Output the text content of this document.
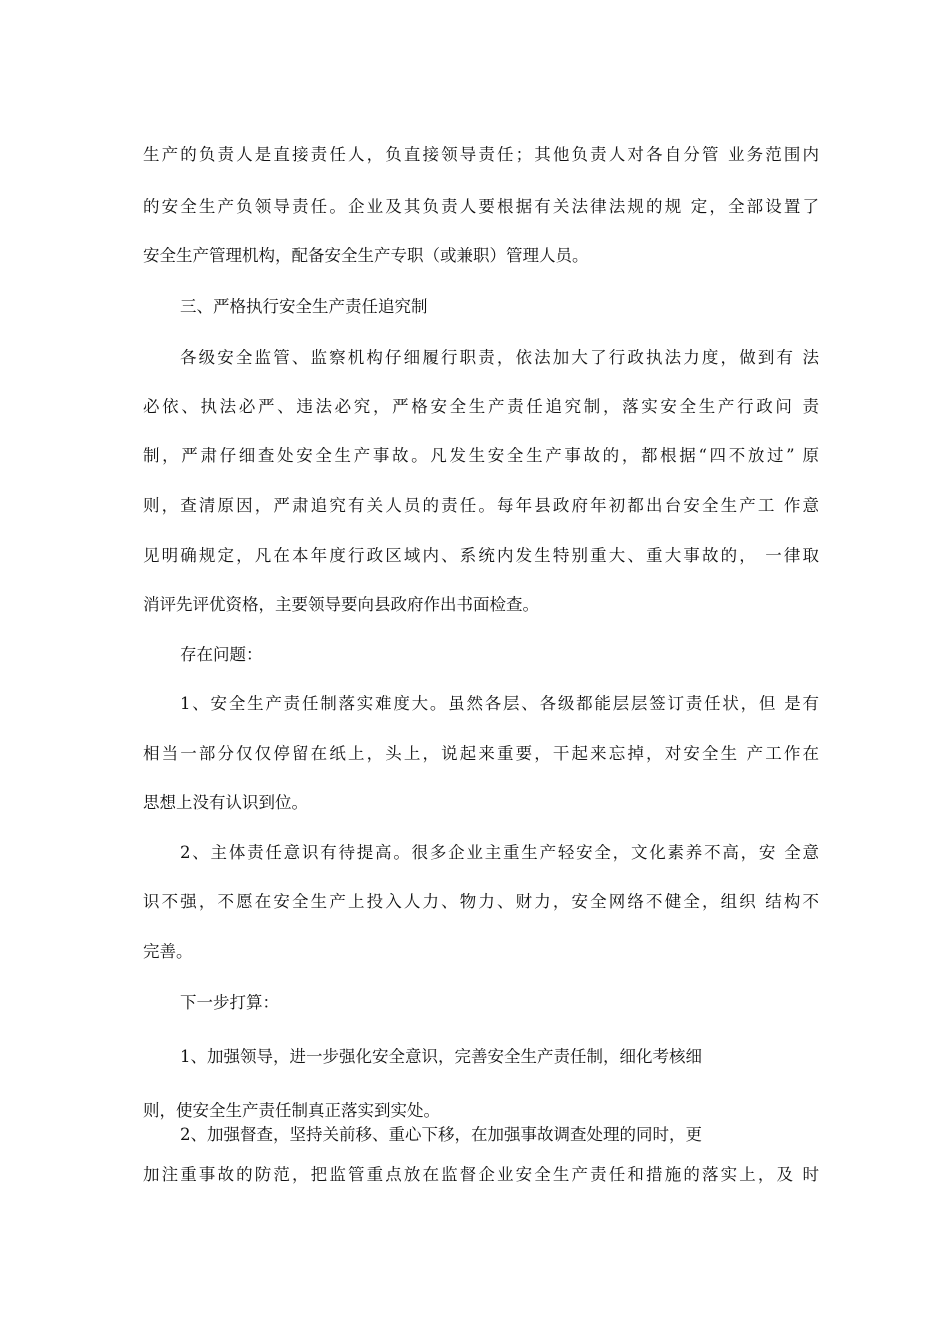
生产的负责人是直接责任人，负直接领导责任；其他负责人对各自分管 业务范围内
的安全生产负领导责任。企业及其负责人要根据有关法律法规的规 定，全部设置了
安全生产管理机构，配备安全生产专职（或兼职）管理人员。
三、严格执行安全生产责任追究制
各级安全监管、监察机构仔细履行职责，依法加大了行政执法力度，做到有 法
必依、执法必严、违法必究，严格安全生产责任追究制，落实安全生产行政问 责
制，严肃仔细查处安全生产事故。凡发生安全生产事故的，都根据“四不放过” 原
则，查清原因，严肃追究有关人员的责任。每年县政府年初都出台安全生产工 作意
见明确规定，凡在本年度行政区域内、系统内发生特别重大、重大事故的， 一律取
消评先评优资格，主要领导要向县政府作出书面检查。
存在问题：
1、安全生产责任制落实难度大。虽然各层、各级都能层层签订责任状，但 是有
相当一部分仅仅停留在纸上，头上，说起来重要，干起来忘掉，对安全生 产工作在
思想上没有认识到位。
2、主体责任意识有待提高。很多企业主重生产轻安全，文化素养不高，安 全意
识不强，不愿在安全生产上投入人力、物力、财力，安全网络不健全，组织 结构不
完善。
下一步打算：
1、加强领导，进一步强化安全意识，完善安全生产责任制，细化考核细
则，使安全生产责任制真正落实到实处。
2、加强督查，坚持关前移、重心下移，在加强事故调查处理的同时，更
加注重事故的防范，把监管重点放在监督企业安全生产责任和措施的落实上，及 时
